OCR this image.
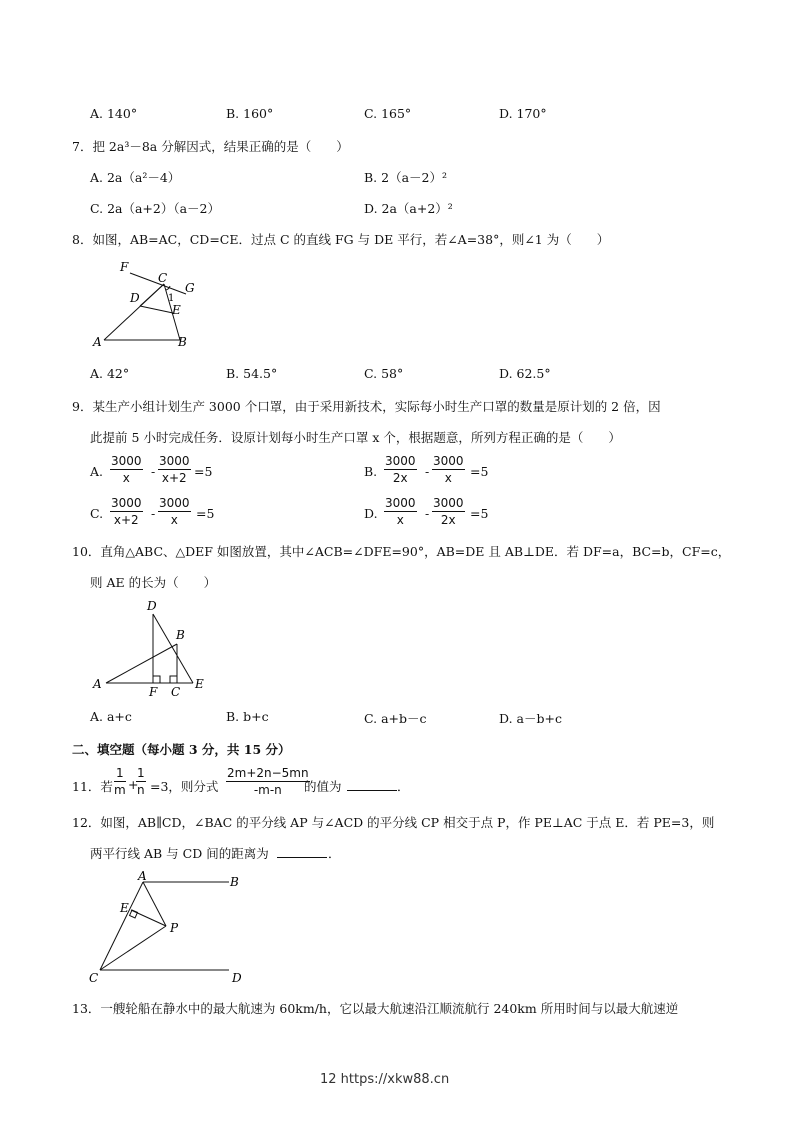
A. 140°	B. 160°	C. 165°	D. 170°
7．把 2a³－8a 分解因式，结果正确的是（　　）
A. 2a（a²－4）	B. 2（a－2）²
C. 2a（a+2）（a－2）	D. 2a（a+2）²
8．如图，AB=AC，CD=CE．过点 C 的直线 FG 与 DE 平行，若∠A=38°，则∠1 为（　　）
F
C
G
D	1
E
A	B
A. 42°	B. 54.5°	C. 58°	D. 62.5°
9．某生产小组计划生产 3000 个口罩，由于采用新技术，实际每小时生产口罩的数量是原计划的 2 倍，因
此提前 5 小时完成任务．设原计划每小时生产口罩 x 个，根据题意，所列方程正确的是（　　）
A. $\frac{3000}{x} - \frac{3000}{x+2} =5$	B. $\frac{3000}{2x} - \frac{3000}{x} =5$
C. $\frac{3000}{x+2} - \frac{3000}{x} =5$	D. $\frac{3000}{x} - \frac{3000}{2x} =5$
10．直角△ABC、△DEF 如图放置，其中∠ACB=∠DFE=90°，AB=DE 且 AB⊥DE．若 DF=a，BC=b，CF=c，
则 AE 的长为（　　）
D
B
A
F C
E
A. a+c	B. b+c	C. a+b－c	D. a－b+c
二、填空题（每小题 3 分，共 15 分）
11．若 $\frac{1}{m}$ +
$\frac{1}{n} =3$，则分式 $\frac{2m+2n-5mn}{-m-n}$
的值为	．
12．如图，AB∥CD，∠BAC 的平分线 AP 与∠ACD 的平分线 CP 相交于点 P，作 PE⊥AC 于点 E．若 PE=3，则
两平行线 AB 与 CD 间的距离为	．
A	B
E
P
C	D
13．一艘轮船在静水中的最大航速为 60km/h，它以最大航速沿江顺流航行 240km 所用时间与以最大航速逆
12 https://xkw88.cn
